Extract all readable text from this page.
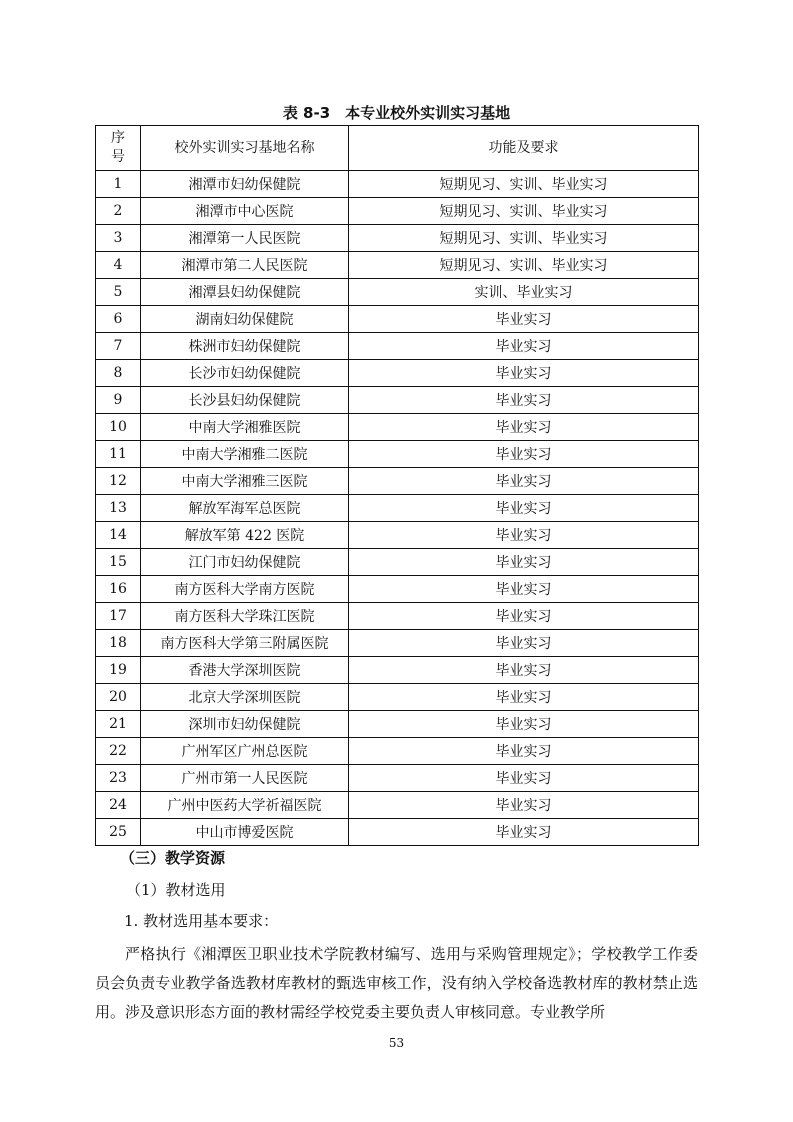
表 8-3　本专业校外实训实习基地
序号	校外实训实习基地名称	功能及要求
1	湘潭市妇幼保健院	短期见习、实训、毕业实习
2	湘潭市中心医院	短期见习、实训、毕业实习
3	湘潭第一人民医院	短期见习、实训、毕业实习
4	湘潭市第二人民医院	短期见习、实训、毕业实习
5	湘潭县妇幼保健院	实训、毕业实习
6	湖南妇幼保健院	毕业实习
7	株洲市妇幼保健院	毕业实习
8	长沙市妇幼保健院	毕业实习
9	长沙县妇幼保健院	毕业实习
10	中南大学湘雅医院	毕业实习
11	中南大学湘雅二医院	毕业实习
12	中南大学湘雅三医院	毕业实习
13	解放军海军总医院	毕业实习
14	解放军第 422 医院	毕业实习
15	江门市妇幼保健院	毕业实习
16	南方医科大学南方医院	毕业实习
17	南方医科大学珠江医院	毕业实习
18	南方医科大学第三附属医院	毕业实习
19	香港大学深圳医院	毕业实习
20	北京大学深圳医院	毕业实习
21	深圳市妇幼保健院	毕业实习
22	广州军区广州总医院	毕业实习
23	广州市第一人民医院	毕业实习
24	广州中医药大学祈福医院	毕业实习
25	中山市博爱医院	毕业实习
（三）教学资源
（1）教材选用
1. 教材选用基本要求：
严格执行《湘潭医卫职业技术学院教材编写、选用与采购管理规定》；学校教学工作委员会负责专业教学备选教材库教材的甄选审核工作，没有纳入学校备选教材库的教材禁止选用。涉及意识形态方面的教材需经学校党委主要负责人审核同意。专业教学所
53
